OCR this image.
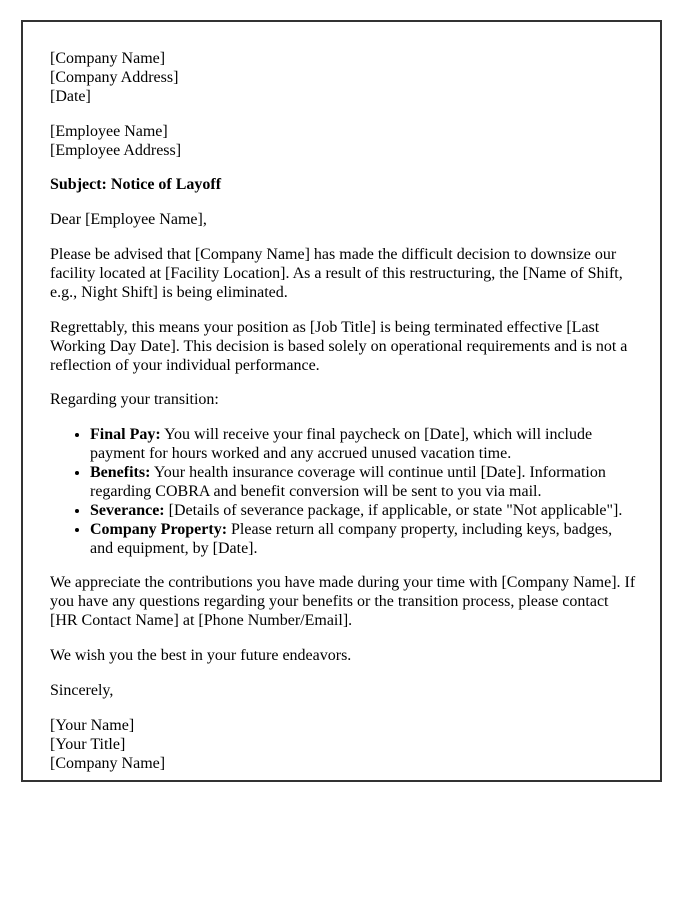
[Company Name]
[Company Address]
[Date]

[Employee Name]
[Employee Address]

Subject: Notice of Layoff

Dear [Employee Name],

Please be advised that [Company Name] has made the difficult decision to downsize our facility located at [Facility Location]. As a result of this restructuring, the [Name of Shift, e.g., Night Shift] is being eliminated.

Regrettably, this means your position as [Job Title] is being terminated effective [Last Working Day Date]. This decision is based solely on operational requirements and is not a reflection of your individual performance.

Regarding your transition:

• Final Pay: You will receive your final paycheck on [Date], which will include payment for hours worked and any accrued unused vacation time.
• Benefits: Your health insurance coverage will continue until [Date]. Information regarding COBRA and benefit conversion will be sent to you via mail.
• Severance: [Details of severance package, if applicable, or state "Not applicable"].
• Company Property: Please return all company property, including keys, badges, and equipment, by [Date].

We appreciate the contributions you have made during your time with [Company Name]. If you have any questions regarding your benefits or the transition process, please contact [HR Contact Name] at [Phone Number/Email].

We wish you the best in your future endeavors.

Sincerely,

[Your Name]
[Your Title]
[Company Name]
